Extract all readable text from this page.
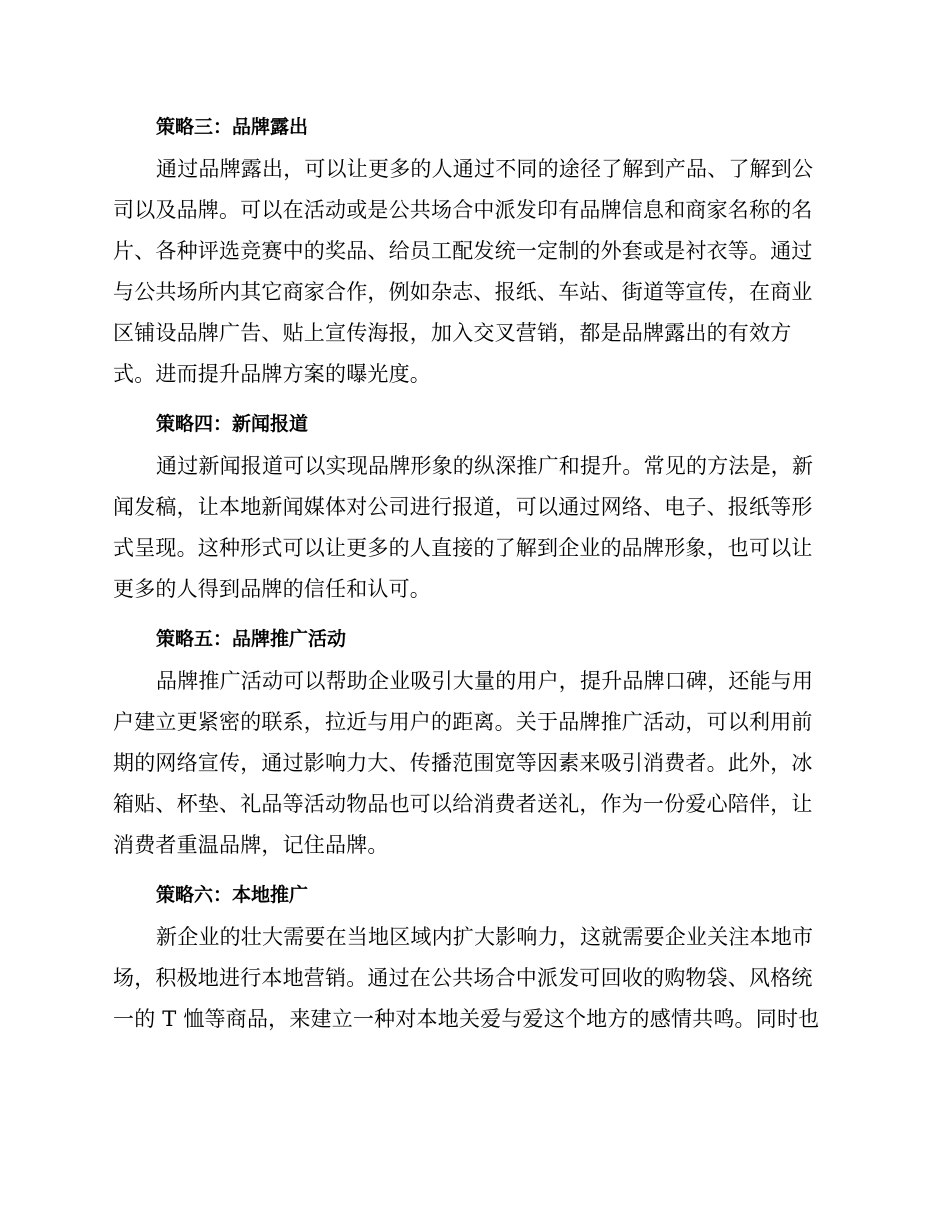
策略三：品牌露出
通过品牌露出，可以让更多的人通过不同的途径了解到产品、了解到公
司以及品牌。可以在活动或是公共场合中派发印有品牌信息和商家名称的名
片、各种评选竞赛中的奖品、给员工配发统一定制的外套或是衬衣等。通过
与公共场所内其它商家合作，例如杂志、报纸、车站、街道等宣传，在商业
区铺设品牌广告、贴上宣传海报，加入交叉营销，都是品牌露出的有效方
式。进而提升品牌方案的曝光度。
策略四：新闻报道
通过新闻报道可以实现品牌形象的纵深推广和提升。常见的方法是，新
闻发稿，让本地新闻媒体对公司进行报道，可以通过网络、电子、报纸等形
式呈现。这种形式可以让更多的人直接的了解到企业的品牌形象，也可以让
更多的人得到品牌的信任和认可。
策略五：品牌推广活动
品牌推广活动可以帮助企业吸引大量的用户，提升品牌口碑，还能与用
户建立更紧密的联系，拉近与用户的距离。关于品牌推广活动，可以利用前
期的网络宣传，通过影响力大、传播范围宽等因素来吸引消费者。此外，冰
箱贴、杯垫、礼品等活动物品也可以给消费者送礼，作为一份爱心陪伴，让
消费者重温品牌，记住品牌。
策略六：本地推广
新企业的壮大需要在当地区域内扩大影响力，这就需要企业关注本地市
场，积极地进行本地营销。通过在公共场合中派发可回收的购物袋、风格统
一的 T 恤等商品，来建立一种对本地关爱与爱这个地方的感情共鸣。同时也
